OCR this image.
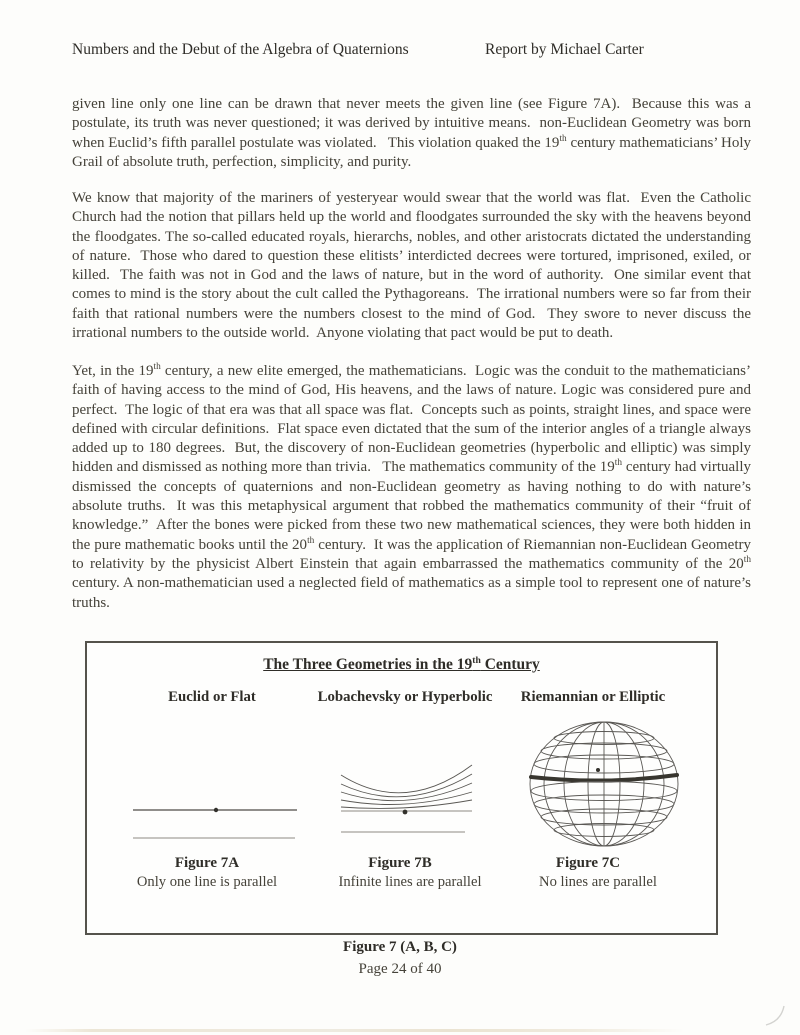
Numbers and the Debut of the Algebra of Quaternions	Report by Michael Carter

given line only one line can be drawn that never meets the given line (see Figure 7A).  Because this was a postulate, its truth was never questioned; it was derived by intuitive means.  non-Euclidean Geometry was born when Euclid’s fifth parallel postulate was violated.   This violation quaked the 19th century mathematicians’ Holy Grail of absolute truth, perfection, simplicity, and purity.

We know that majority of the mariners of yesteryear would swear that the world was flat.  Even the Catholic Church had the notion that pillars held up the world and floodgates surrounded the sky with the heavens beyond the floodgates. The so-called educated royals, hierarchs, nobles, and other aristocrats dictated the understanding of nature.  Those who dared to question these elitists’ interdicted decrees were tortured, imprisoned, exiled, or killed.  The faith was not in God and the laws of nature, but in the word of authority.  One similar event that comes to mind is the story about the cult called the Pythagoreans.  The irrational numbers were so far from their faith that rational numbers were the numbers closest to the mind of God.  They swore to never discuss the irrational numbers to the outside world.  Anyone violating that pact would be put to death.

Yet, in the 19th century, a new elite emerged, the mathematicians.  Logic was the conduit to the mathematicians’ faith of having access to the mind of God, His heavens, and the laws of nature. Logic was considered pure and perfect.  The logic of that era was that all space was flat.  Concepts such as points, straight lines, and space were defined with circular definitions.  Flat space even dictated that the sum of the interior angles of a triangle always added up to 180 degrees.  But, the discovery of non-Euclidean geometries (hyperbolic and elliptic) was simply hidden and dismissed as nothing more than trivia.   The mathematics community of the 19th century had virtually dismissed the concepts of quaternions and non-Euclidean geometry as having nothing to do with nature’s absolute truths.  It was this metaphysical argument that robbed the mathematics community of their “fruit of knowledge.”  After the bones were picked from these two new mathematical sciences, they were both hidden in the pure mathematic books until the 20th century.  It was the application of Riemannian non-Euclidean Geometry to relativity by the physicist Albert Einstein that again embarrassed the mathematics community of the 20th century. A non-mathematician used a neglected field of mathematics as a simple tool to represent one of nature’s truths.

The Three Geometries in the 19th Century
Euclid or Flat	Lobachevsky or Hyperbolic	Riemannian or Elliptic
Figure 7A
Only one line is parallel
Figure 7B
Infinite lines are parallel
Figure 7C
No lines are parallel
Figure 7 (A, B, C)
Page 24 of 40
